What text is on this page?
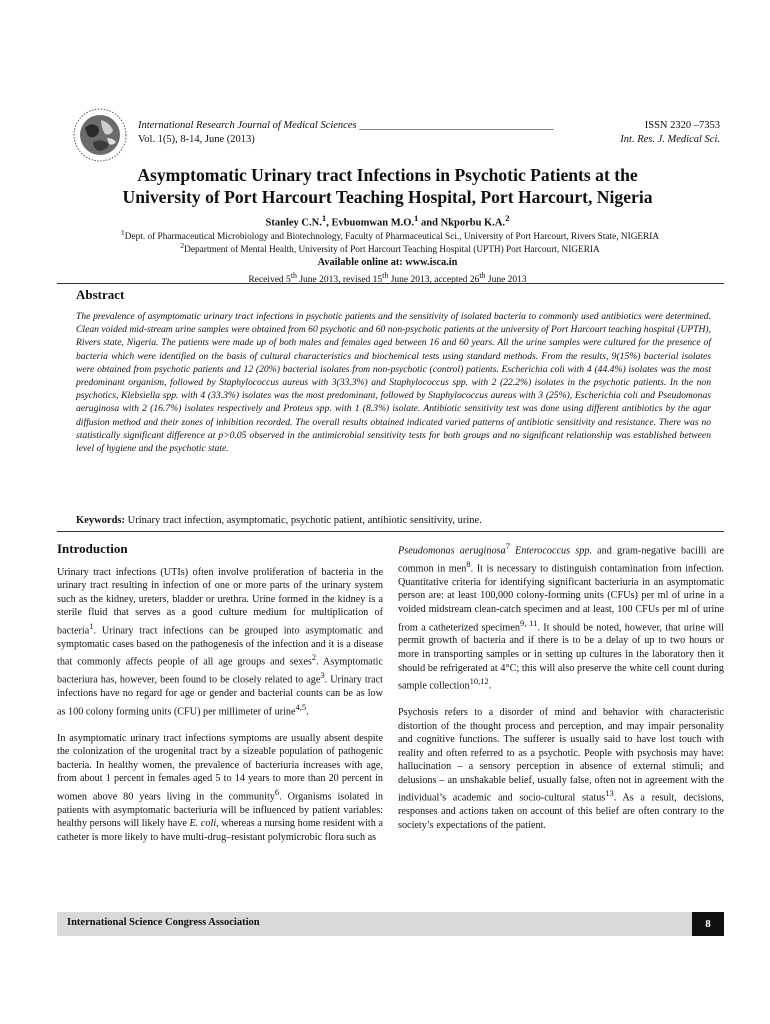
International Research Journal of Medical Sciences _____________________________________
Vol. 1(5), 8-14, June (2013)
ISSN 2320 –7353
Int. Res. J. Medical Sci.
Asymptomatic Urinary tract Infections in Psychotic Patients at the
University of Port Harcourt Teaching Hospital, Port Harcourt, Nigeria
Stanley C.N.$^1$, Evbuomwan M.O.$^1$ and Nkporbu K.A.$^2$
$^1$Dept. of Pharmaceutical Microbiology and Biotechnology, Faculty of Pharmaceutical Sci., University of Port Harcourt, Rivers State, NIGERIA
$^2$Department of Mental Health, University of Port Harcourt Teaching Hospital (UPTH) Port Harcourt, NIGERIA
Available online at: www.isca.in
Received 5th June 2013, revised 15th June 2013, accepted 26th June 2013
Abstract
The prevalence of asymptomatic urinary tract infections in psychotic patients and the sensitivity of isolated bacteria to commonly used antibiotics were determined. Clean voided mid-stream urine samples were obtained from 60 psychotic and 60 non-psychotic patients at the university of Port Harcourt teaching hospital (UPTH), Rivers state, Nigeria. The patients were made up of both males and females aged between 16 and 60 years. All the urine samples were cultured for the presence of bacteria which were identified on the basis of cultural characteristics and biochemical tests using standard methods. From the results, 9(15%) bacterial isolates were obtained from psychotic patients and 12 (20%) bacterial isolates from non-psychotic (control) patients. Escherichia coli with 4 (44.4%) isolates was the most predominant organism, followed by Staphylococcus aureus with 3(33.3%) and Staphylococcus spp. with 2 (22.2%) isolates in the psychotic patients. In the non psychotics, Klebsiella spp. with 4 (33.3%) isolates was the most predominant, followed by Staphylococcus aureus with 3 (25%), Escherichia coli and Pseudomonas aeruginosa with 2 (16.7%) isolates respectively and Proteus spp. with 1 (8.3%) isolate. Antibiotic sensitivity test was done using different antibiotics by the agar diffusion method and their zones of inhibition recorded. The overall results obtained indicated varied patterns of antibiotic sensitivity and resistance. There was no statistically significant difference at p>0.05 observed in the antimicrobial sensitivity tests for both groups and no significant relationship was established between level of hygiene and the psychotic state.
Keywords: Urinary tract infection, asymptomatic, psychotic patient, antibiotic sensitivity, urine.
Introduction

Urinary tract infections (UTIs) often involve proliferation of bacteria in the urinary tract resulting in infection of one or more parts of the urinary system such as the kidney, ureters, bladder or urethra. Urine formed in the kidney is a sterile fluid that serves as a good culture medium for multiplication of bacteria$^1$. Urinary tract infections can be grouped into asymptomatic and symptomatic cases based on the pathogenesis of the infection and it is a disease that commonly affects people of all age groups and sexes$^2$. Asymptomatic bacteriura has, however, been found to be closely related to age$^3$. Urinary tract infections have no regard for age or gender and bacterial counts can be as low as 100 colony forming units (CFU) per millimeter of urine$^{4,5}$.

In asymptomatic urinary tract infections symptoms are usually absent despite the colonization of the urogenital tract by a sizeable population of pathogenic bacteria. In healthy women, the prevalence of bacteriuria increases with age, from about 1 percent in females aged 5 to 14 years to more than 20 percent in women above 80 years living in the community$^6$. Organisms isolated in patients with asymptomatic bacteriuria will be influenced by patient variables: healthy persons will likely have E. coli, whereas a nursing home resident with a catheter is more likely to have multi-drug–resistant polymicrobic flora such as

Pseudomonas aeruginosa$^7$ Enterococcus spp. and gram-negative bacilli are common in men$^8$. It is necessary to distinguish contamination from infection. Quantitative criteria for identifying significant bacteriuria in an asymptomatic person are: at least 100,000 colony-forming units (CFUs) per ml of urine in a voided midstream clean-catch specimen and at least, 100 CFUs per ml of urine from a catheterized specimen$^{9, 11}$. It should be noted, however, that urine will permit growth of bacteria and if there is to be a delay of up to two hours or more in transporting samples or in setting up cultures in the laboratory then it should be refrigerated at 4°C; this will also preserve the white cell count during sample collection$^{10,12}$.

Psychosis refers to a disorder of mind and behavior with characteristic distortion of the thought process and perception, and may impair personality and cognitive functions. The sufferer is usually said to have lost touch with reality and often referred to as a psychotic. People with psychosis may have: hallucination – a sensory perception in absence of external stimuli; and delusions – an unshakable belief, usually false, often not in agreement with the individual’s academic and socio-cultural status$^{13}$. As a result, decisions, responses and actions taken on account of this belief are often contrary to the society’s expectations of the patient.

International Science Congress Association	8
